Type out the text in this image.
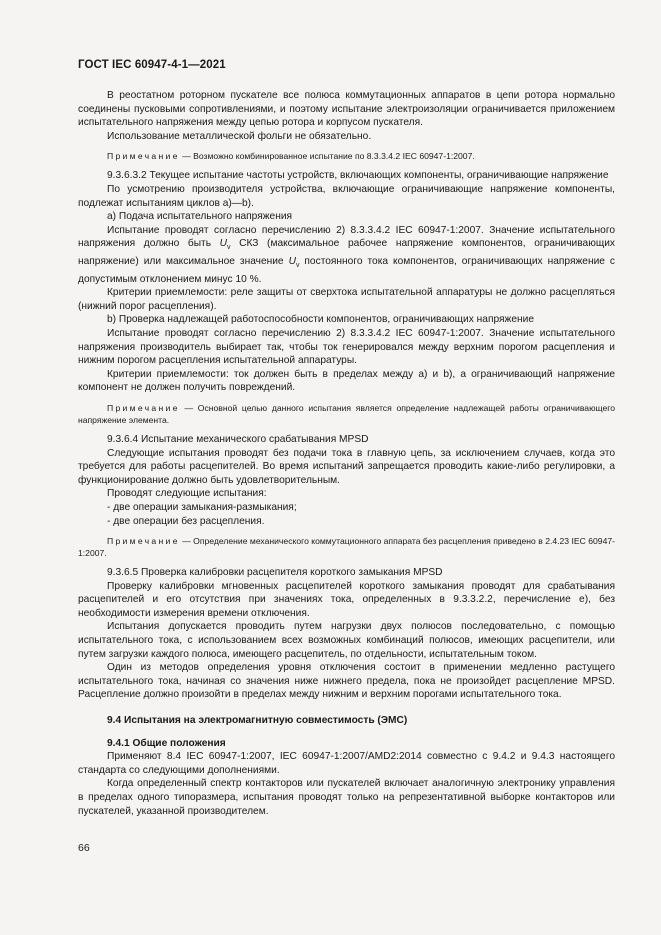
ГОСТ IEC 60947-4-1—2021

В реостатном роторном пускателе все полюса коммутационных аппаратов в цепи ротора нормально соединены пусковыми сопротивлениями, и поэтому испытание электроизоляции ограничивается приложением испытательного напряжения между цепью ротора и корпусом пускателя.

Использование металлической фольги не обязательно.

Примечание — Возможно комбинированное испытание по 8.3.3.4.2 IEC 60947-1:2007.

9.3.6.3.2 Текущее испытание частоты устройств, включающих компоненты, ограничивающие напряжение

По усмотрению производителя устройства, включающие ограничивающие напряжение компоненты, подлежат испытаниям циклов а)—b).

а) Подача испытательного напряжения

Испытание проводят согласно перечислению 2) 8.3.3.4.2 IEC 60947-1:2007. Значение испытательного напряжения должно быть $U_v$ СКЗ (максимальное рабочее напряжение компонентов, ограничивающих напряжение) или максимальное значение $U_v$ постоянного тока компонентов, ограничивающих напряжение с допустимым отклонением минус 10 %.

Критерии приемлемости: реле защиты от сверхтока испытательной аппаратуры не должно расцепляться (нижний порог расцепления).

b) Проверка надлежащей работоспособности компонентов, ограничивающих напряжение

Испытание проводят согласно перечислению 2) 8.3.3.4.2 IEC 60947-1:2007. Значение испытательного напряжения производитель выбирает так, чтобы ток генерировался между верхним порогом расцепления и нижним порогом расцепления испытательной аппаратуры.

Критерии приемлемости: ток должен быть в пределах между а) и b), а ограничивающий напряжение компонент не должен получить повреждений.

Примечание — Основной целью данного испытания является определение надлежащей работы ограничивающего напряжение элемента.

9.3.6.4 Испытание механического срабатывания MPSD

Следующие испытания проводят без подачи тока в главную цепь, за исключением случаев, когда это требуется для работы расцепителей. Во время испытаний запрещается проводить какие-либо регулировки, а функционирование должно быть удовлетворительным.

Проводят следующие испытания:

- две операции замыкания-размыкания;

- две операции без расцепления.

Примечание — Определение механического коммутационного аппарата без расцепления приведено в 2.4.23 IEC 60947-1:2007.

9.3.6.5 Проверка калибровки расцепителя короткого замыкания MPSD

Проверку калибровки мгновенных расцепителей короткого замыкания проводят для срабатывания расцепителей и его отсутствия при значениях тока, определенных в 9.3.3.2.2, перечисление е), без необходимости измерения времени отключения.

Испытания допускается проводить путем нагрузки двух полюсов последовательно, с помощью испытательного тока, с использованием всех возможных комбинаций полюсов, имеющих расцепители, или путем загрузки каждого полюса, имеющего расцепитель, по отдельности, испытательным током.

Один из методов определения уровня отключения состоит в применении медленно растущего испытательного тока, начиная со значения ниже нижнего предела, пока не произойдет расцепление MPSD. Расцепление должно произойти в пределах между нижним и верхним порогами испытательного тока.

9.4 Испытания на электромагнитную совместимость (ЭМС)

9.4.1 Общие положения

Применяют 8.4 IEC 60947-1:2007, IEC 60947-1:2007/AMD2:2014 совместно с 9.4.2 и 9.4.3 настоящего стандарта со следующими дополнениями.

Когда определенный спектр контакторов или пускателей включает аналогичную электронику управления в пределах одного типоразмера, испытания проводят только на репрезентативной выборке контакторов или пускателей, указанной производителем.

66
